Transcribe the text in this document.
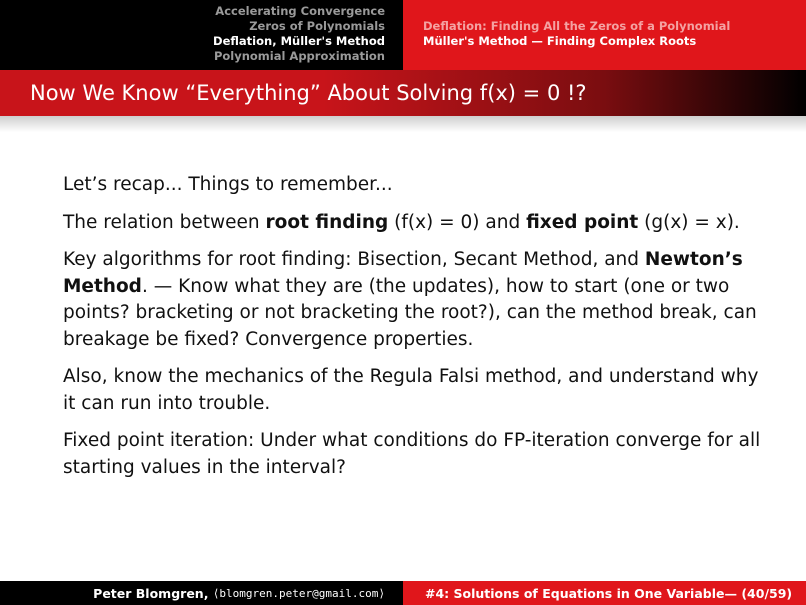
Accelerating Convergence
Zeros of Polynomials
Deflation, Müller's Method
Polynomial Approximation
Deflation: Finding All the Zeros of a Polynomial
Müller's Method — Finding Complex Roots
Now We Know “Everything” About Solving f(x) = 0 !?

Let’s recap... Things to remember...

The relation between root finding (f(x) = 0) and fixed point (g(x) = x).

Key algorithms for root finding: Bisection, Secant Method, and Newton’s Method. — Know what they are (the updates), how to start (one or two points? bracketing or not bracketing the root?), can the method break, can breakage be fixed? Convergence properties.

Also, know the mechanics of the Regula Falsi method, and understand why it can run into trouble.

Fixed point iteration: Under what conditions do FP-iteration converge for all starting values in the interval?

Peter Blomgren,
⟨blomgren.peter@gmail.com⟩	#4: Solutions of Equations in One Variable — (40/59)
